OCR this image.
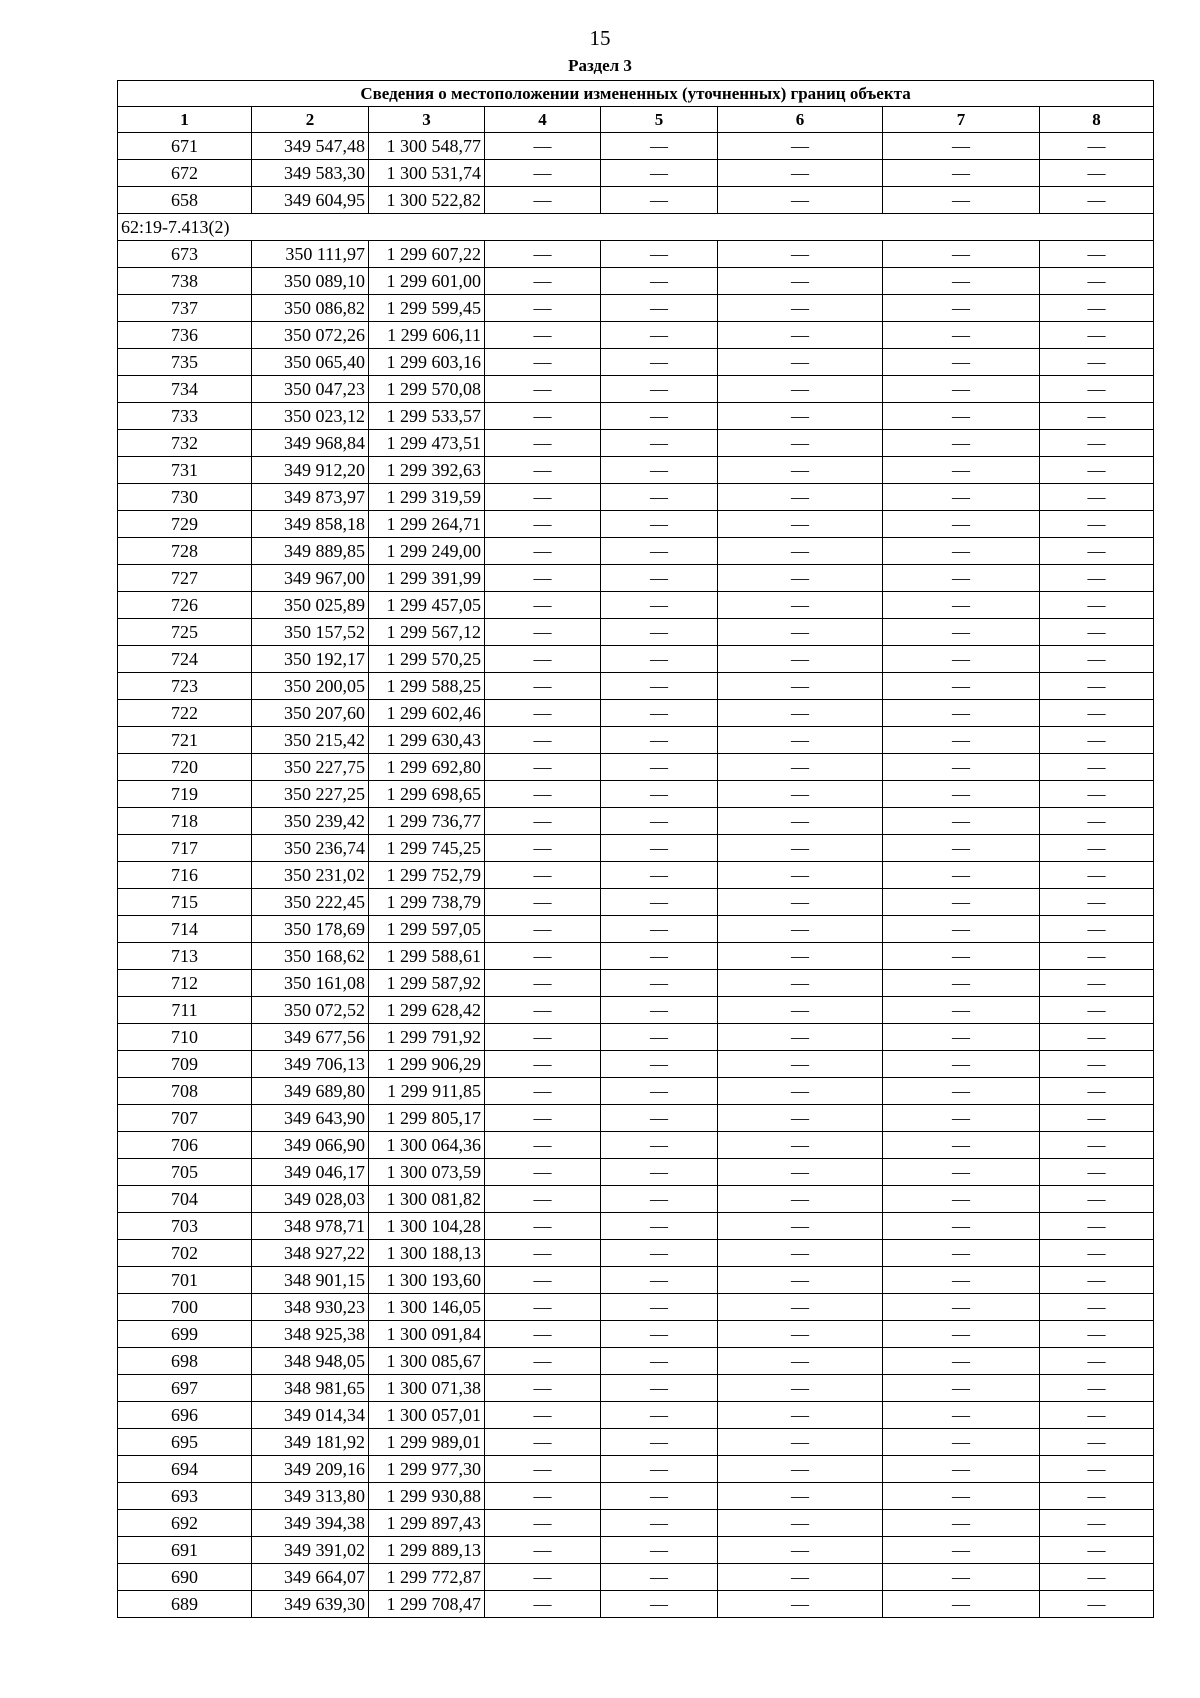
15
Раздел 3
Сведения о местоположении измененных (уточненных) границ объекта							
1	2	3	4	5	6	7	8
671	349 547,48	1 300 548,77	—	—	—	—	—
672	349 583,30	1 300 531,74	—	—	—	—	—
658	349 604,95	1 300 522,82	—	—	—	—	—
62:19-7.413(2)							
673	350 111,97	1 299 607,22	—	—	—	—	—
738	350 089,10	1 299 601,00	—	—	—	—	—
737	350 086,82	1 299 599,45	—	—	—	—	—
736	350 072,26	1 299 606,11	—	—	—	—	—
735	350 065,40	1 299 603,16	—	—	—	—	—
734	350 047,23	1 299 570,08	—	—	—	—	—
733	350 023,12	1 299 533,57	—	—	—	—	—
732	349 968,84	1 299 473,51	—	—	—	—	—
731	349 912,20	1 299 392,63	—	—	—	—	—
730	349 873,97	1 299 319,59	—	—	—	—	—
729	349 858,18	1 299 264,71	—	—	—	—	—
728	349 889,85	1 299 249,00	—	—	—	—	—
727	349 967,00	1 299 391,99	—	—	—	—	—
726	350 025,89	1 299 457,05	—	—	—	—	—
725	350 157,52	1 299 567,12	—	—	—	—	—
724	350 192,17	1 299 570,25	—	—	—	—	—
723	350 200,05	1 299 588,25	—	—	—	—	—
722	350 207,60	1 299 602,46	—	—	—	—	—
721	350 215,42	1 299 630,43	—	—	—	—	—
720	350 227,75	1 299 692,80	—	—	—	—	—
719	350 227,25	1 299 698,65	—	—	—	—	—
718	350 239,42	1 299 736,77	—	—	—	—	—
717	350 236,74	1 299 745,25	—	—	—	—	—
716	350 231,02	1 299 752,79	—	—	—	—	—
715	350 222,45	1 299 738,79	—	—	—	—	—
714	350 178,69	1 299 597,05	—	—	—	—	—
713	350 168,62	1 299 588,61	—	—	—	—	—
712	350 161,08	1 299 587,92	—	—	—	—	—
711	350 072,52	1 299 628,42	—	—	—	—	—
710	349 677,56	1 299 791,92	—	—	—	—	—
709	349 706,13	1 299 906,29	—	—	—	—	—
708	349 689,80	1 299 911,85	—	—	—	—	—
707	349 643,90	1 299 805,17	—	—	—	—	—
706	349 066,90	1 300 064,36	—	—	—	—	—
705	349 046,17	1 300 073,59	—	—	—	—	—
704	349 028,03	1 300 081,82	—	—	—	—	—
703	348 978,71	1 300 104,28	—	—	—	—	—
702	348 927,22	1 300 188,13	—	—	—	—	—
701	348 901,15	1 300 193,60	—	—	—	—	—
700	348 930,23	1 300 146,05	—	—	—	—	—
699	348 925,38	1 300 091,84	—	—	—	—	—
698	348 948,05	1 300 085,67	—	—	—	—	—
697	348 981,65	1 300 071,38	—	—	—	—	—
696	349 014,34	1 300 057,01	—	—	—	—	—
695	349 181,92	1 299 989,01	—	—	—	—	—
694	349 209,16	1 299 977,30	—	—	—	—	—
693	349 313,80	1 299 930,88	—	—	—	—	—
692	349 394,38	1 299 897,43	—	—	—	—	—
691	349 391,02	1 299 889,13	—	—	—	—	—
690	349 664,07	1 299 772,87	—	—	—	—	—
689	349 639,30	1 299 708,47	—	—	—	—	—
